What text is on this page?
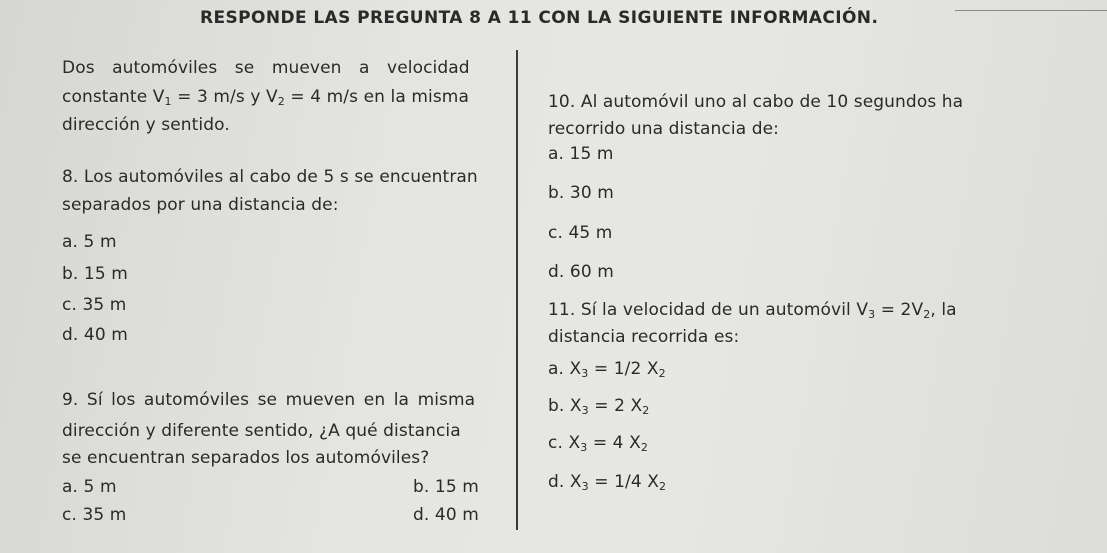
RESPONDE LAS PREGUNTA 8 A 11 CON LA SIGUIENTE INFORMACIÓN.
Dos automóviles se mueven a velocidad
constante $V_1 = 3$ m/s y $V_2 = 4$ m/s en la misma
dirección y sentido.
8. Los automóviles al cabo de 5 s se encuentran
separados por una distancia de:
a. 5 m
b. 15 m
c. 35 m
d. 40 m
9. Sí los automóviles se mueven en la misma
dirección y diferente sentido, ¿A qué distancia
se encuentran separados los automóviles?
a. 5 m	b. 15 m
c. 35 m	d. 40 m
10. Al automóvil uno al cabo de 10 segundos ha
recorrido una distancia de:
a. 15 m
b. 30 m
c. 45 m
d. 60 m
11. Sí la velocidad de un automóvil $V_3 = 2V_2$, la
distancia recorrida es:
a. $X_3 = 1/2$ $X_2$
b. $X_3 = 2$ $X_2$
c. $X_3 = 4$ $X_2$
d. $X_3 = 1/4$ $X_2$
